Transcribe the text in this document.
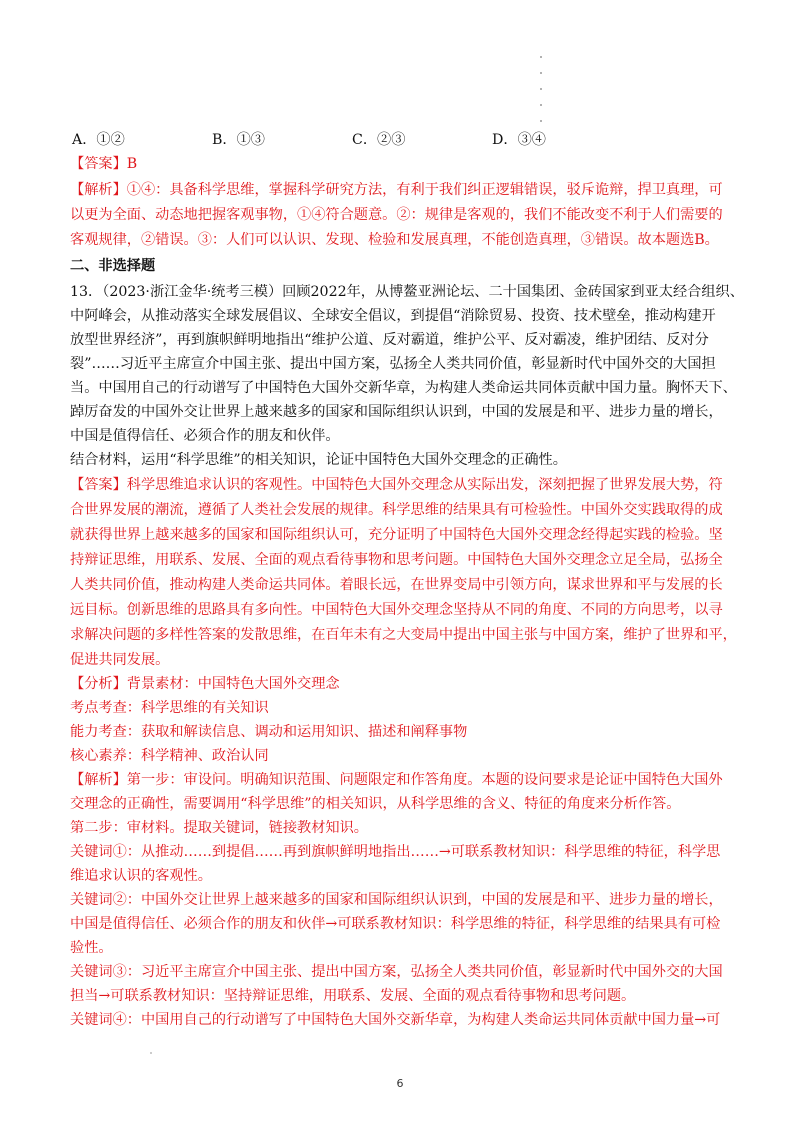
A．①②	B．①③	C．②③	D．③④
【答案】B
【解析】①④：具备科学思维，掌握科学研究方法，有利于我们纠正逻辑错误，驳斥诡辩，捍卫真理，可
以更为全面、动态地把握客观事物，①④符合题意。②：规律是客观的，我们不能改变不利于人们需要的
客观规律，②错误。③：人们可以认识、发现、检验和发展真理，不能创造真理，③错误。故本题选B。
二、非选择题
13．（2023·浙江金华·统考三模）回顾2022年，从博鳌亚洲论坛、二十国集团、金砖国家到亚太经合组织、
中阿峰会，从推动落实全球发展倡议、全球安全倡议，到提倡“消除贸易、投资、技术壁垒，推动构建开
放型世界经济”，再到旗帜鲜明地指出“维护公道、反对霸道，维护公平、反对霸凌，维护团结、反对分
裂”……习近平主席宣介中国主张、提出中国方案，弘扬全人类共同价值，彰显新时代中国外交的大国担
当。中国用自己的行动谱写了中国特色大国外交新华章，为构建人类命运共同体贡献中国力量。胸怀天下、
踔厉奋发的中国外交让世界上越来越多的国家和国际组织认识到，中国的发展是和平、进步力量的增长，
中国是值得信任、必须合作的朋友和伙伴。
结合材料，运用“科学思维”的相关知识，论证中国特色大国外交理念的正确性。
【答案】科学思维追求认识的客观性。中国特色大国外交理念从实际出发，深刻把握了世界发展大势，符
合世界发展的潮流，遵循了人类社会发展的规律。科学思维的结果具有可检验性。中国外交实践取得的成
就获得世界上越来越多的国家和国际组织认可，充分证明了中国特色大国外交理念经得起实践的检验。坚
持辩证思维，用联系、发展、全面的观点看待事物和思考问题。中国特色大国外交理念立足全局，弘扬全
人类共同价值，推动构建人类命运共同体。着眼长远，在世界变局中引领方向，谋求世界和平与发展的长
远目标。创新思维的思路具有多向性。中国特色大国外交理念坚持从不同的角度、不同的方向思考，以寻
求解决问题的多样性答案的发散思维，在百年未有之大变局中提出中国主张与中国方案，维护了世界和平，
促进共同发展。
【分析】背景素材：中国特色大国外交理念
考点考查：科学思维的有关知识
能力考查：获取和解读信息、调动和运用知识、描述和阐释事物
核心素养：科学精神、政治认同
【解析】第一步：审设问。明确知识范围、问题限定和作答角度。本题的设问要求是论证中国特色大国外
交理念的正确性，需要调用“科学思维”的相关知识，从科学思维的含义、特征的角度来分析作答。
第二步：审材料。提取关键词，链接教材知识。
关键词①：从推动……到提倡……再到旗帜鲜明地指出……→可联系教材知识：科学思维的特征，科学思
维追求认识的客观性。
关键词②：中国外交让世界上越来越多的国家和国际组织认识到，中国的发展是和平、进步力量的增长，
中国是值得信任、必须合作的朋友和伙伴→可联系教材知识：科学思维的特征，科学思维的结果具有可检
验性。
关键词③：习近平主席宣介中国主张、提出中国方案，弘扬全人类共同价值，彰显新时代中国外交的大国
担当→可联系教材知识：坚持辩证思维，用联系、发展、全面的观点看待事物和思考问题。
关键词④：中国用自己的行动谱写了中国特色大国外交新华章，为构建人类命运共同体贡献中国力量→可
6
